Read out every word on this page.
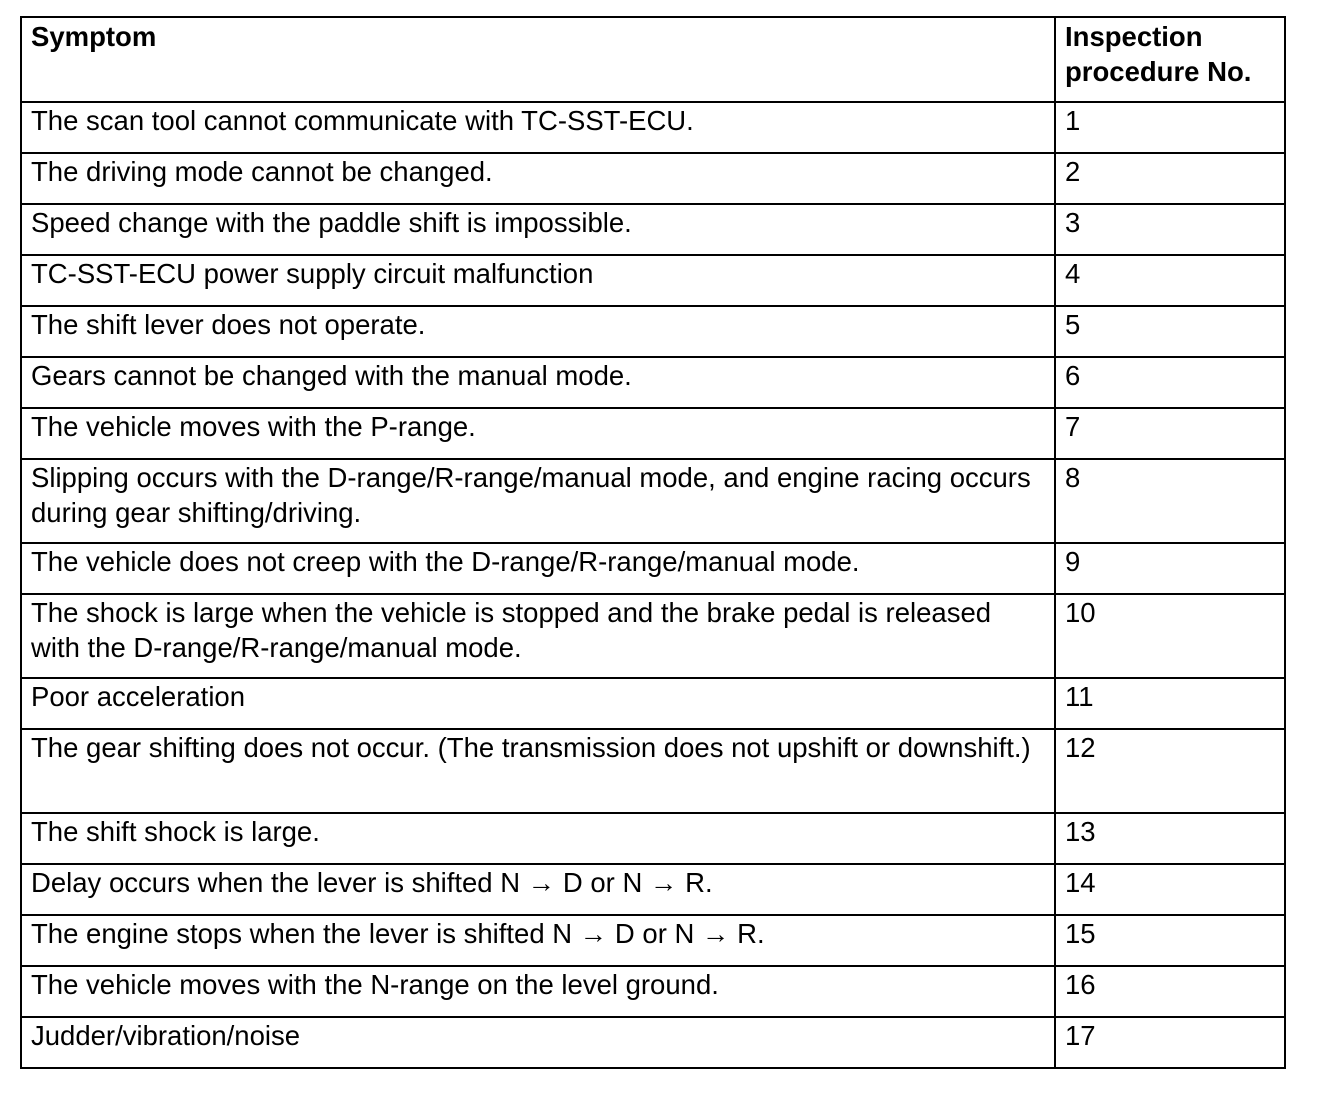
Symptom	Inspection procedure No.
The scan tool cannot communicate with TC-SST-ECU.	1
The driving mode cannot be changed.	2
Speed change with the paddle shift is impossible.	3
TC-SST-ECU power supply circuit malfunction	4
The shift lever does not operate.	5
Gears cannot be changed with the manual mode.	6
The vehicle moves with the P-range.	7
Slipping occurs with the D-range/R-range/manual mode, and engine racing occurs during gear shifting/driving.	8
The vehicle does not creep with the D-range/R-range/manual mode.	9
The shock is large when the vehicle is stopped and the brake pedal is released with the D-range/R-range/manual mode.	10
Poor acceleration	11
The gear shifting does not occur. (The transmission does not upshift or downshift.)	12
The shift shock is large.	13
Delay occurs when the lever is shifted N → D or N → R.	14
The engine stops when the lever is shifted N → D or N → R.	15
The vehicle moves with the N-range on the level ground.	16
Judder/vibration/noise	17
